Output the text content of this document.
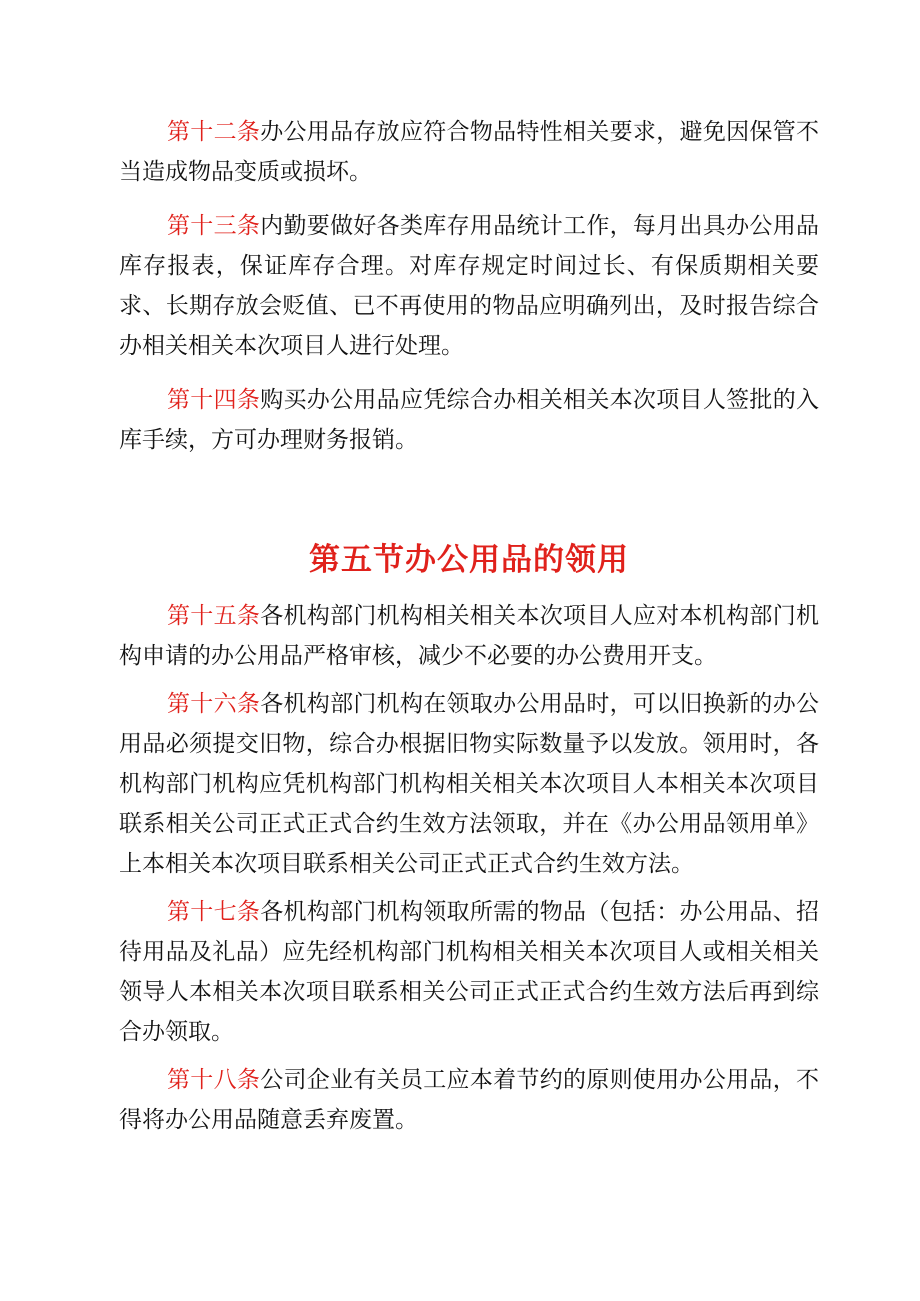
第十二条办公用品存放应符合物品特性相关要求，避免因保管不当造成物品变质或损坏。

第十三条内勤要做好各类库存用品统计工作，每月出具办公用品库存报表，保证库存合理。对库存规定时间过长、有保质期相关要求、长期存放会贬值、已不再使用的物品应明确列出，及时报告综合办相关相关本次项目人进行处理。

第十四条购买办公用品应凭综合办相关相关本次项目人签批的入库手续，方可办理财务报销。

第五节办公用品的领用

第十五条各机构部门机构相关相关本次项目人应对本机构部门机构申请的办公用品严格审核，减少不必要的办公费用开支。

第十六条各机构部门机构在领取办公用品时，可以旧换新的办公用品必须提交旧物，综合办根据旧物实际数量予以发放。领用时，各机构部门机构应凭机构部门机构相关相关本次项目人本相关本次项目联系相关公司正式正式合约生效方法领取，并在《办公用品领用单》上本相关本次项目联系相关公司正式正式合约生效方法。

第十七条各机构部门机构领取所需的物品（包括：办公用品、招待用品及礼品）应先经机构部门机构相关相关本次项目人或相关相关领导人本相关本次项目联系相关公司正式正式合约生效方法后再到综合办领取。

第十八条公司企业有关员工应本着节约的原则使用办公用品，不得将办公用品随意丢弃废置。
